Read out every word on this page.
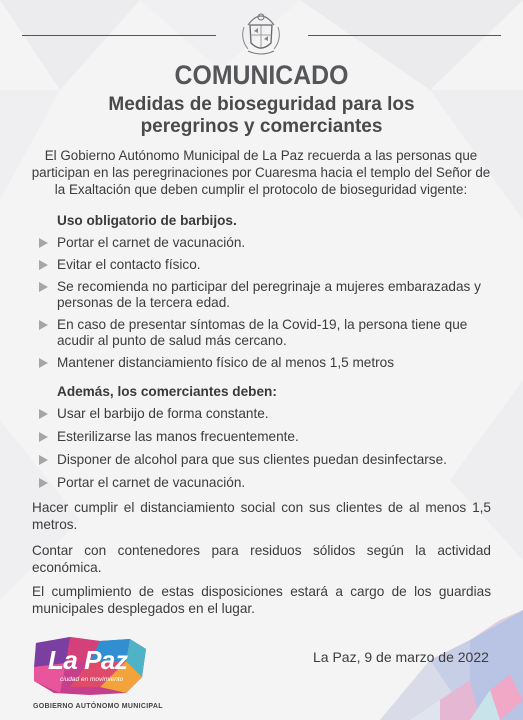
COMUNICADO
Medidas de bioseguridad para los
peregrinos y comerciantes
El Gobierno Autónomo Municipal de La Paz recuerda a las personas que participan en las peregrinaciones por Cuaresma hacia el templo del Señor de la Exaltación que deben cumplir el protocolo de bioseguridad vigente:
Uso obligatorio de barbijos.
Portar el carnet de vacunación.
Evitar el contacto físico.
Se recomienda no participar del peregrinaje a mujeres embarazadas y personas de la tercera edad.
En caso de presentar síntomas de la Covid-19, la persona tiene que acudir al punto de salud más cercano.
Mantener distanciamiento físico de al menos 1,5 metros
Además, los comerciantes deben:
Usar el barbijo de forma constante.
Esterilizarse las manos frecuentemente.
Disponer de alcohol para que sus clientes puedan desinfectarse.
Portar el carnet de vacunación.
Hacer cumplir el distanciamiento social con sus clientes de al menos 1,5 metros.
Contar con contenedores para residuos sólidos según la actividad económica.
El cumplimiento de estas disposiciones estará a cargo de los guardias municipales desplegados en el lugar.
La Paz, 9 de marzo de 2022
La Paz
ciudad en movimiento
GOBIERNO AUTÓNOMO MUNICIPAL
